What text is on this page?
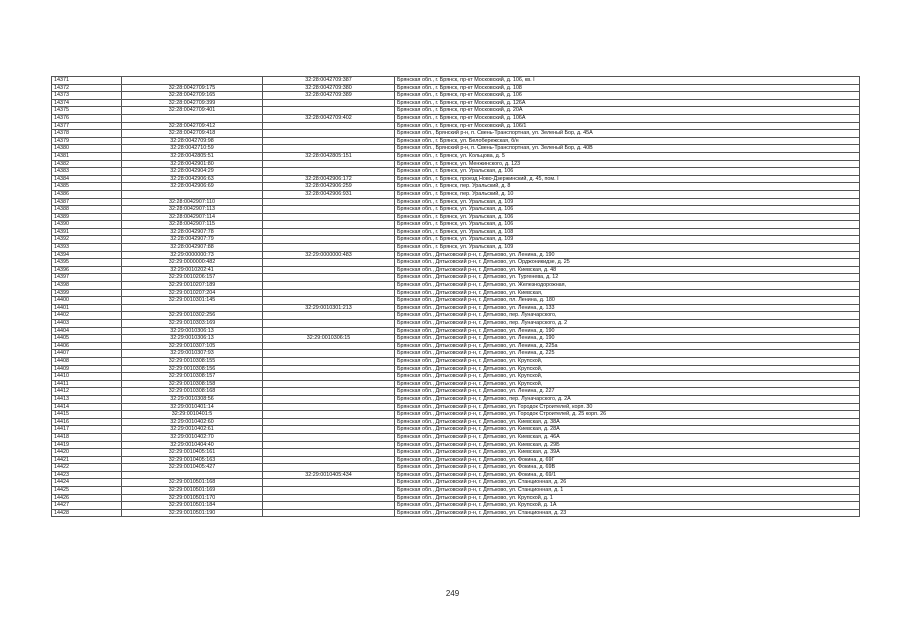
14371		32:28:0042709:387	Брянская обл., г. Брянск, пр-кт Московский, д. 106, кв. I
14372	32:28:0042709:175	32:28:0042709:380	Брянская обл., г. Брянск, пр-кт Московский, д. 108
14373	32:28:0042709:165	32:28:0042709:389	Брянская обл., г. Брянск, пр-кт Московский, д. 106
14374	32:28:0042709:399		Брянская обл., г. Брянск, пр-кт Московский, д. 126А
14375	32:28:0042709:401		Брянская обл., г. Брянск, пр-кт Московский, д. 20А
14376		32:28:0042709:402	Брянская обл., г. Брянск, пр-кт Московский, д. 106А
14377	32:28:0042709:412		Брянская обл., г. Брянск, пр-кт Московский, д. 106/1
14378	32:28:0042709:418		Брянская обл., Брянский р-н, п. Свень-Транспортная, ул. Зеленый Бор, д. 45А
14379	32:28:0042709:98		Брянская обл., г. Брянск, ул. Белобережская, б/н
14380	32:28:0042710:59		Брянская обл., Брянский р-н, п. Свень-Транспортная, ул. Зеленый Бор, д. 40В
14381	32:28:0042805:51	32:28:0042805:151	Брянская обл., г. Брянск, ул. Кольцова, д. 5
14382	32:28:0042901:80		Брянская обл., г. Брянск, ул. Менжинского, д. 123
14383	32:28:0042904:29		Брянская обл., г. Брянск, ул. Уральская, д. 106
14384	32:28:0042906:63	32:28:0042906:172	Брянская обл., г. Брянск, проезд Ново-Дзержинский, д. 45, пом. I
14385	32:28:0042906:69	32:28:0042906:259	Брянская обл., г. Брянск, пер. Уральский, д. 8
14386		32:28:0042906:931	Брянская обл., г. Брянск, пер. Уральский, д. 10
14387	32:28:0042907:110		Брянская обл., г. Брянск, ул. Уральская, д. 109
14388	32:28:0042907:113		Брянская обл., г. Брянск, ул. Уральская, д. 106
14389	32:28:0042907:114		Брянская обл., г. Брянск, ул. Уральская, д. 106
14390	32:28:0042907:115		Брянская обл., г. Брянск, ул. Уральская, д. 106
14391	32:28:0042907:78		Брянская обл., г. Брянск, ул. Уральская, д. 108
14392	32:28:0042907:79		Брянская обл., г. Брянск, ул. Уральская, д. 109
14393	32:28:0042907:88		Брянская обл., г. Брянск, ул. Уральская, д. 109
14394	32:29:0000000:73	32:29:0000000:483	Брянская обл., Дятьковский р-н, г. Дятьково, ул. Ленина, д. 190
14395	32:29:0000000:482		Брянская обл., Дятьковский р-н, г. Дятьково, ул. Орджоникидзе, д. 25
14396	32:29:0010202:41		Брянская обл., Дятьковский р-н, г. Дятьково, ул. Киевская, д. 48
14397	32:29:0010206:157		Брянская обл., Дятьковский р-н, г. Дятьково, ул. Тургенева, д. 12
14398	32:29:0010207:189		Брянская обл., Дятьковский р-н, г. Дятьково, ул. Железнодорожная,
14399	32:29:0010207:204		Брянская обл., Дятьковский р-н, г. Дятьково, ул. Киевская,
14400	32:29:0010301:145		Брянская обл., Дятьковский р-н, г. Дятьково, пл. Ленина, д. 180
14401		32:29:0010301:213	Брянская обл., Дятьковский р-н, г. Дятьково, ул. Ленина, д. 133
14402	32:29:0010302:256		Брянская обл., Дятьковский р-н, г. Дятьково, пер. Луначарского,
14403	32:29:0010303:169		Брянская обл., Дятьковский р-н, г. Дятьково, пер. Луначарского, д. 2
14404	32:29:0010306:13		Брянская обл., Дятьковский р-н, г. Дятьково, ул. Ленина, д. 190
14405	32:29:0010306:13	32:29:0010306:15	Брянская обл., Дятьковский р-н, г. Дятьково, ул. Ленина, д. 190
14406	32:29:0010307:105		Брянская обл., Дятьковский р-н, г. Дятьково, ул. Ленина, д. 225а
14407	32:29:0010307:93		Брянская обл., Дятьковский р-н, г. Дятьково, ул. Ленина, д. 225
14408	32:29:0010308:155		Брянская обл., Дятьковский р-н, г. Дятьково, ул. Крупской,
14409	32:29:0010308:156		Брянская обл., Дятьковский р-н, г. Дятьково, ул. Крупской,
14410	32:29:0010308:157		Брянская обл., Дятьковский р-н, г. Дятьково, ул. Крупской,
14411	32:29:0010308:158		Брянская обл., Дятьковский р-н, г. Дятьково, ул. Крупской,
14412	32:29:0010308:168		Брянская обл., Дятьковский р-н, г. Дятьково, ул. Ленина, д. 227
14413	32:29:0010308:56		Брянская обл., Дятьковский р-н, г. Дятьково, пер. Луначарского, д. 2А
14414	32:29:0010401:14		Брянская обл., Дятьковский р-н, г. Дятьково, ул. Городок Строителей, корп. 30
14415	32:29:0010401:5		Брянская обл., Дятьковский р-н, г. Дятьково, ул. Городок Строителей, д. 25 корп. 26
14416	32:29:0010402:60		Брянская обл., Дятьковский р-н, г. Дятьково, ул. Киевская, д. 38А
14417	32:29:0010402:61		Брянская обл., Дятьковский р-н, г. Дятьково, ул. Киевская, д. 28А
14418	32:29:0010402:70		Брянская обл., Дятьковский р-н, г. Дятьково, ул. Киевская, д. 46А
14419	32:29:0010404:40		Брянская обл., Дятьковский р-н, г. Дятьково, ул. Киевская, д. 29Б
14420	32:29:0010405:161		Брянская обл., Дятьковский р-н, г. Дятьково, ул. Киевская, д. 39А
14421	32:29:0010405:163		Брянская обл., Дятьковский р-н, г. Дятьково, ул. Фокина, д. 69Г
14422	32:29:0010405:427		Брянская обл., Дятьковский р-н, г. Дятьково, ул. Фокина, д. 69В
14423		32:29:0010405:434	Брянская обл., Дятьковский р-н, г. Дятьково, ул. Фокина, д. 69/1
14424	32:29:0010501:168		Брянская обл., Дятьковский р-н, г. Дятьково, ул. Станционная, д. 26
14425	32:29:0010501:169		Брянская обл., Дятьковский р-н, г. Дятьково, ул. Станционная, д. 1
14426	32:29:0010501:170		Брянская обл., Дятьковский р-н, г. Дятьково, ул. Крупской, д. 1
14427	32:29:0010501:184		Брянская обл., Дятьковский р-н, г. Дятьково, ул. Крупской, д. 1А
14428	32:29:0010501:190		Брянская обл., Дятьковский р-н, г. Дятьково, ул. Станционная, д. 23
249
